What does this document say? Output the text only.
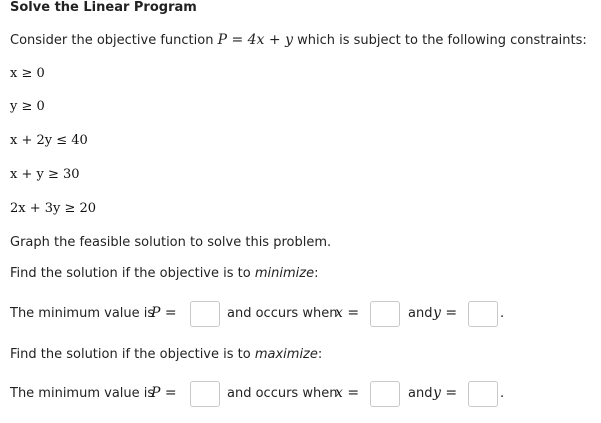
Solve the Linear Program
Consider the objective function P = 4x + y which is subject to the following constraints:
x ≥ 0
y ≥ 0
x + 2y ≤ 40
x + y ≥ 30
2x + 3y ≥ 20
Graph the feasible solution to solve this problem.
Find the solution if the objective is to minimize:
The minimum value is
P =	and occurs when
x =	and y =	.
Find the solution if the objective is to maximize:
The minimum value is
P =	and occurs when
x =	and y =	.
